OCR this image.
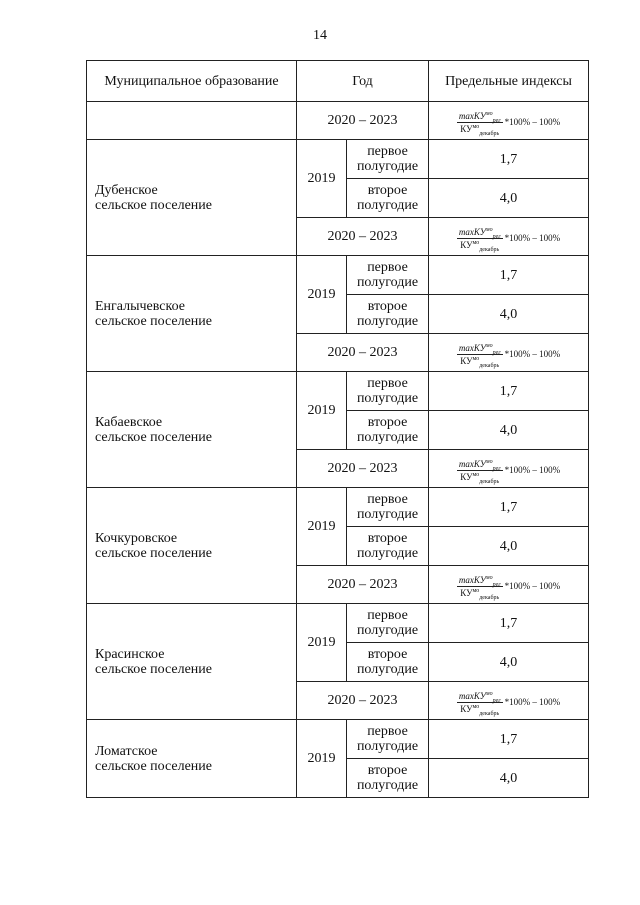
14
Муниципальное образование	Год		Предельные индексы
	2020 – 2023		$\frac{\max КУ^{мо}_{рег}}{КУ^{мо}_{декабрь}} *100\% - 100\%$

Дубенское
сельское поселение	2019	первое полугодие	1,7
		второе полугодие	4,0
	2020 – 2023		$\frac{\max КУ^{мо}_{рег}}{КУ^{мо}_{декабрь}} *100\% - 100\%$

Енгалычевское
сельское поселение	2019	первое полугодие	1,7
		второе полугодие	4,0
	2020 – 2023		$\frac{\max КУ^{мо}_{рег}}{КУ^{мо}_{декабрь}} *100\% - 100\%$

Кабаевское
сельское поселение	2019	первое полугодие	1,7
		второе полугодие	4,0
	2020 – 2023		$\frac{\max КУ^{мо}_{рег}}{КУ^{мо}_{декабрь}} *100\% - 100\%$

Кочкуровское
сельское поселение	2019	первое полугодие	1,7
		второе полугодие	4,0
	2020 – 2023		$\frac{\max КУ^{мо}_{рег}}{КУ^{мо}_{декабрь}} *100\% - 100\%$

Красинское
сельское поселение	2019	первое полугодие	1,7
		второе полугодие	4,0
	2020 – 2023		$\frac{\max КУ^{мо}_{рег}}{КУ^{мо}_{декабрь}} *100\% - 100\%$

Ломатское
сельское поселение	2019	первое полугодие	1,7
		второе полугодие	4,0
